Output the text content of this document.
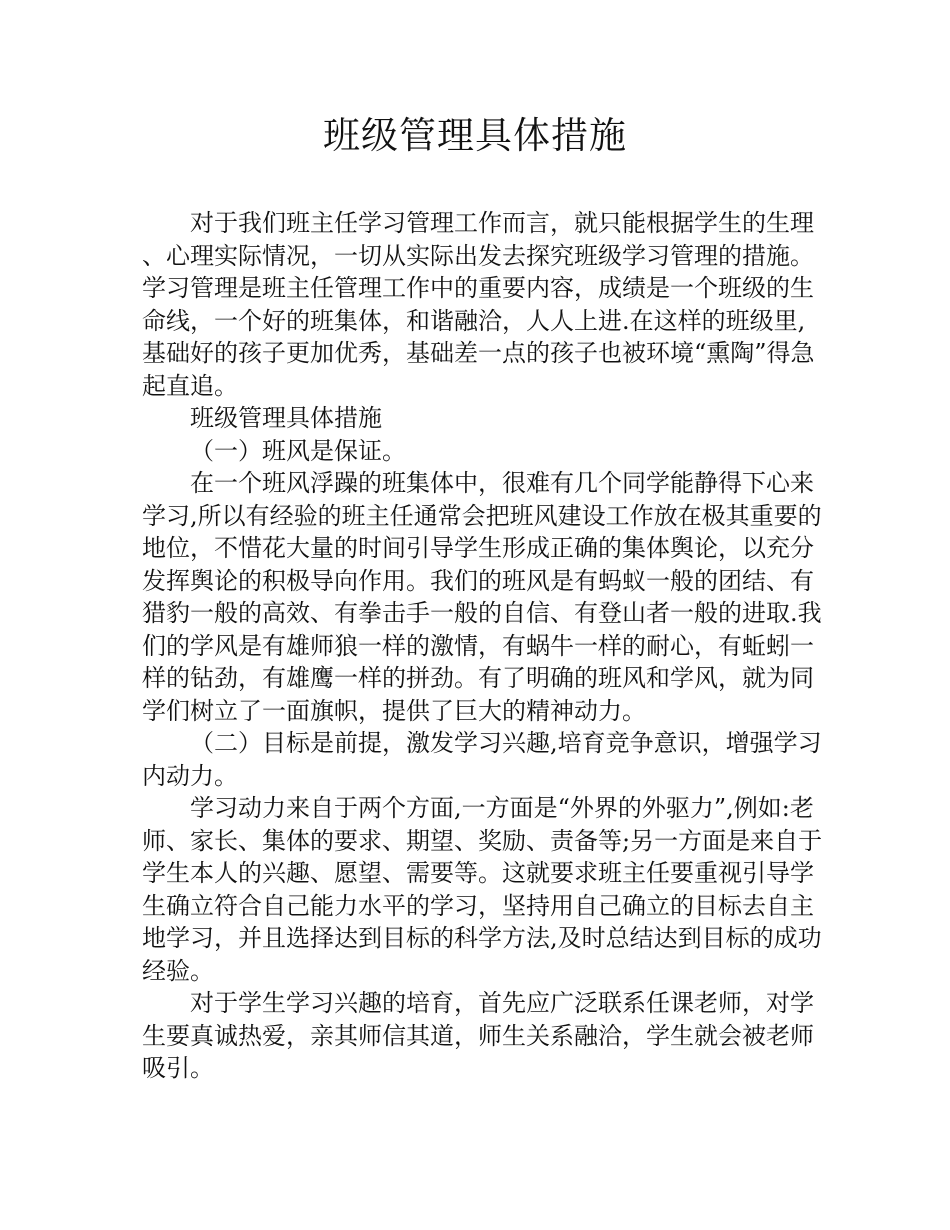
班级管理具体措施

对于我们班主任学习管理工作而言，就只能根据学生的生理、心理实际情况，一切从实际出发去探究班级学习管理的措施。学习管理是班主任管理工作中的重要内容，成绩是一个班级的生命线，一个好的班集体，和谐融洽，人人上进.在这样的班级里,基础好的孩子更加优秀，基础差一点的孩子也被环境“熏陶”得急起直追。

班级管理具体措施

（一）班风是保证。

在一个班风浮躁的班集体中，很难有几个同学能静得下心来学习,所以有经验的班主任通常会把班风建设工作放在极其重要的地位，不惜花大量的时间引导学生形成正确的集体舆论，以充分发挥舆论的积极导向作用。我们的班风是有蚂蚁一般的团结、有猎豹一般的高效、有拳击手一般的自信、有登山者一般的进取.我们的学风是有雄师狼一样的激情，有蜗牛一样的耐心，有蚯蚓一样的钻劲，有雄鹰一样的拼劲。有了明确的班风和学风，就为同学们树立了一面旗帜，提供了巨大的精神动力。

（二）目标是前提，激发学习兴趣,培育竞争意识，增强学习内动力。

学习动力来自于两个方面,一方面是“外界的外驱力”,例如:老师、家长、集体的要求、期望、奖励、责备等;另一方面是来自于学生本人的兴趣、愿望、需要等。这就要求班主任要重视引导学生确立符合自己能力水平的学习，坚持用自己确立的目标去自主地学习，并且选择达到目标的科学方法,及时总结达到目标的成功经验。

对于学生学习兴趣的培育，首先应广泛联系任课老师，对学生要真诚热爱，亲其师信其道，师生关系融洽，学生就会被老师吸引。
